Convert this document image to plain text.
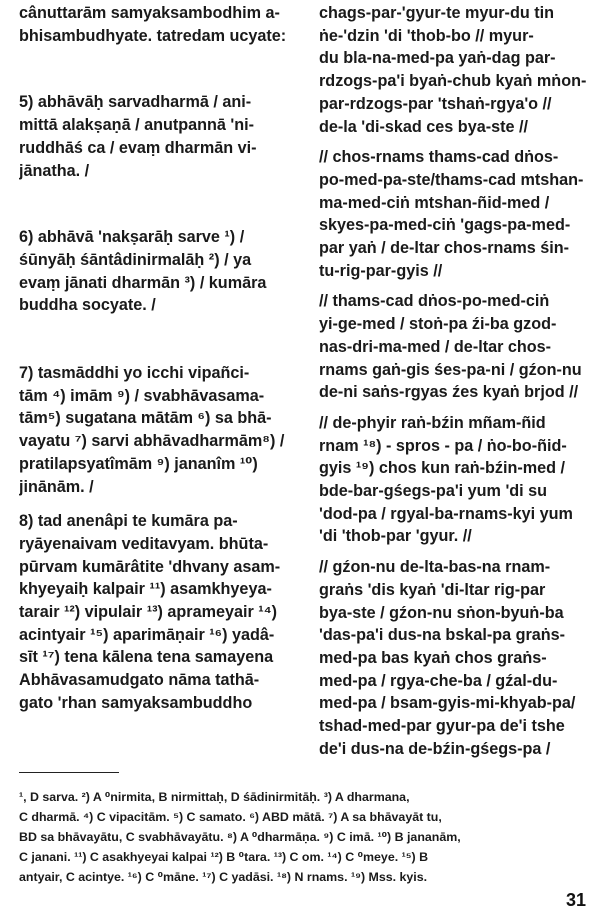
cânuttarām samyaksambodhim a-
bhisambudhyate. tatredam ucyate:
5) abhāvāḥ sarvadharmā / ani-
mittā alakṣaṇā / anutpannā 'ni-
ruddhāś ca / evaṃ dharmān vi-
jānatha. /
6) abhāvā 'nakṣarāḥ sarve ¹) /
śūnyāḥ śāntâdinirmalāḥ ²) / ya
evaṃ jānati dharmān ³) / kumāra
buddha socyate. /
7) tasmāddhi yo icchi vipañci-
tām ⁴) imām ⁹) / svabhāvasama-
tām⁵) sugatana mātām ⁶) sa bhā-
vayatu ⁷) sarvi abhāvadharmām⁸) /
pratilapsyatîmām ⁹) jananîm ¹⁰)
jinānām. /
8) tad anenâpi te kumāra pa-
ryāyenaivam veditavyam. bhūta-
pūrvam kumārâtite 'dhvany asam-
khyeyaiḥ kalpair ¹¹) asamkhyeya-
tarair ¹²) vipulair ¹³) aprameyair ¹⁴)
acintyair ¹⁵) aparimāṇair ¹⁶) yadâ-
sīt ¹⁷) tena kālena tena samayena
Abhāvasamudgato nāma tathā-
gato 'rhan samyaksambuddho
chags-par-'gyur-te myur-du tin
ṅe-'dzin 'di 'thob-bo // myur-
du bla-na-med-pa yaṅ-dag par-
rdzogs-pa'i byaṅ-chub kyaṅ mṅon-
par-rdzogs-par 'tshaṅ-rgya'o //
de-la 'di-skad ces bya-ste //
// chos-rnams thams-cad dṅos-
po-med-pa-ste/thams-cad mtshan-
ma-med-ciṅ mtshan-ñid-med /
skyes-pa-med-ciṅ 'gags-pa-med-
par yaṅ / de-ltar chos-rnams śin-
tu-rig-par-gyis //
// thams-cad dṅos-po-med-ciṅ
yi-ge-med / stoṅ-pa źi-ba gzod-
nas-dri-ma-med / de-ltar chos-
rnams gaṅ-gis śes-pa-ni / gźon-nu
de-ni saṅs-rgyas źes kyaṅ brjod //
// de-phyir raṅ-bźin mñam-ñid
rnam ¹⁸) - spros - pa / ṅo-bo-ñid-
gyis ¹⁹) chos kun raṅ-bźin-med /
bde-bar-gśegs-pa'i yum 'di su
'dod-pa / rgyal-ba-rnams-kyi yum
'di 'thob-par 'gyur. //
// gźon-nu de-lta-bas-na rnam-
graṅs 'dis kyaṅ 'di-ltar rig-par
bya-ste / gźon-nu sṅon-byuṅ-ba
'das-pa'i dus-na bskal-pa graṅs-
med-pa bas kyaṅ chos graṅs-
med-pa / rgya-che-ba / gźal-du-
med-pa / bsam-gyis-mi-khyab-pa/
tshad-med-par gyur-pa de'i tshe
de'i dus-na de-bźin-gśegs-pa /
¹, D sarva. ²) A ⁰nirmita, B nirmittaḥ, D śādinirmitāḥ. ³) A dharmana,
C dharmā. ⁴) C vipacitām. ⁵) C samato. ⁶) ABD mātā. ⁷) A sa bhāvayāt tu,
BD sa bhāvayātu, C svabhāvayātu. ⁸) A ⁰dharmāṇa. ⁹) C imā. ¹⁰) B jananām,
C janani. ¹¹) C asakhyeyai kalpai ¹²) B ⁰tara. ¹³) C om. ¹⁴) C ⁰meye. ¹⁵) B
antyair, C acintye. ¹⁶) C ⁰māne. ¹⁷) C yadāsi. ¹⁸) N rnams. ¹⁹) Mss. kyis.
31
